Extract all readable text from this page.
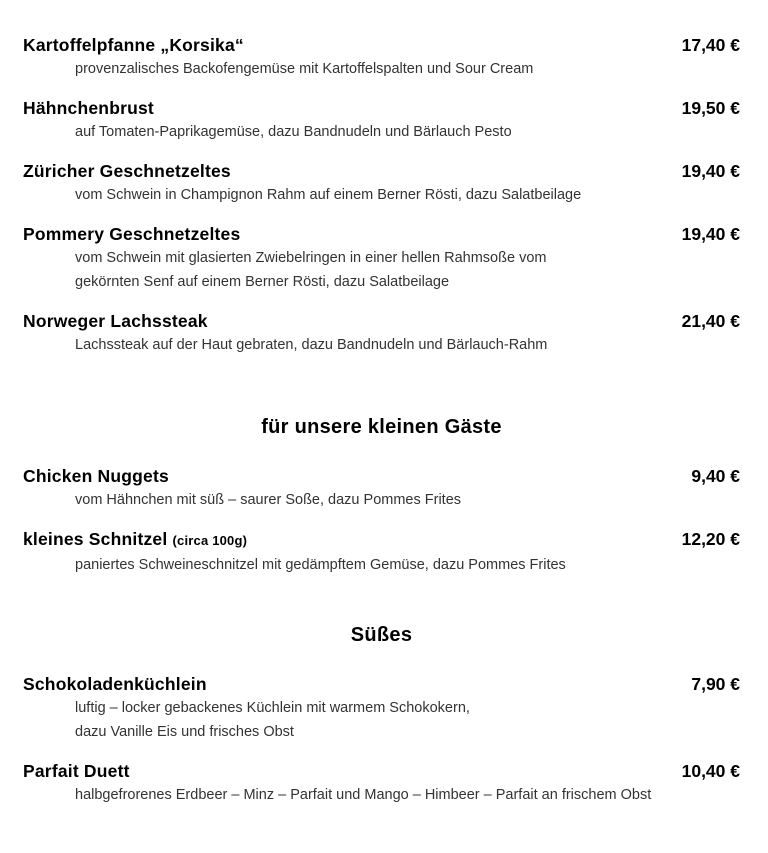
Kartoffelpfanne „Korsika“	17,40 €
provenzalisches Backofengemüse mit Kartoffelspalten und Sour Cream
Hähnchenbrust	19,50 €
auf Tomaten-Paprikagemüse, dazu Bandnudeln und Bärlauch Pesto
Züricher Geschnetzeltes	19,40 €
vom Schwein in Champignon Rahm auf einem Berner Rösti, dazu Salatbeilage
Pommery Geschnetzeltes	19,40 €
vom Schwein mit glasierten Zwiebelringen in einer hellen Rahmsoße vom
gekörnten Senf auf einem Berner Rösti, dazu Salatbeilage
Norweger Lachssteak	21,40 €
Lachssteak auf der Haut gebraten, dazu Bandnudeln und Bärlauch-Rahm
für unsere kleinen Gäste
Chicken Nuggets	9,40 €
vom Hähnchen mit süß – saurer Soße, dazu Pommes Frites
kleines Schnitzel (circa 100g)	12,20 €
paniertes Schweineschnitzel mit gedämpftem Gemüse, dazu Pommes Frites
Süßes
Schokoladenküchlein	7,90 €
luftig – locker gebackenes Küchlein mit warmem Schokokern,
dazu Vanille Eis und frisches Obst
Parfait Duett	10,40 €
halbgefrorenes Erdbeer – Minz – Parfait und Mango – Himbeer – Parfait an frischem Obst
